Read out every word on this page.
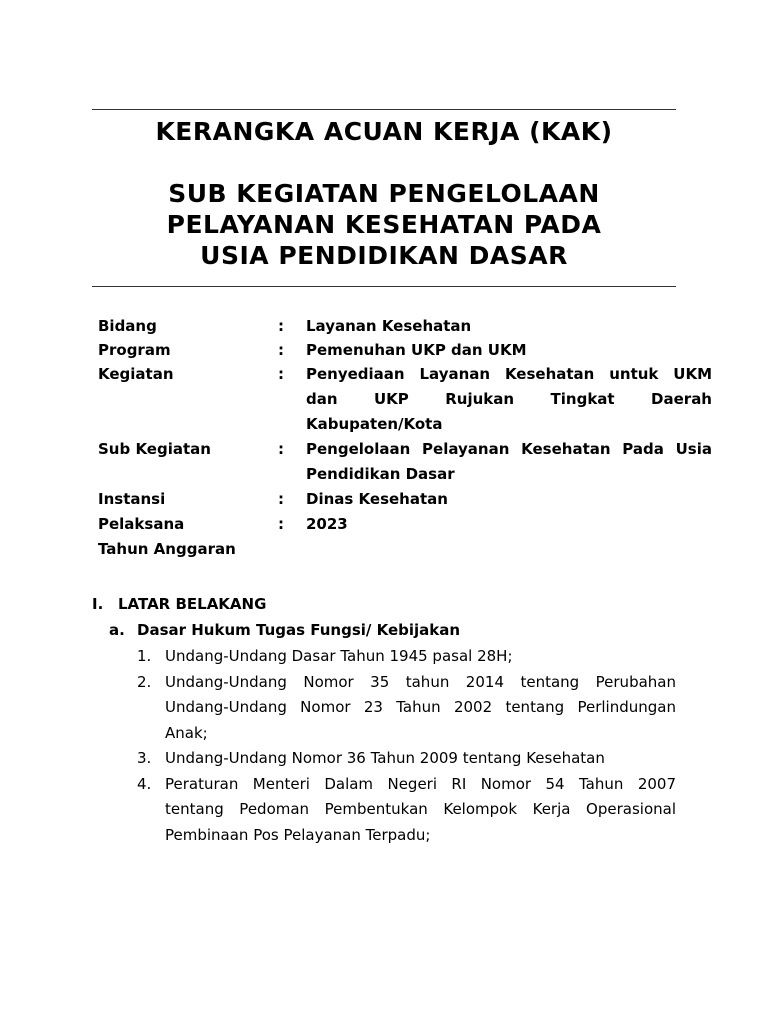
KERANGKA ACUAN KERJA (KAK)
SUB KEGIATAN PENGELOLAAN
PELAYANAN KESEHATAN PADA
USIA PENDIDIKAN DASAR
Bidang	:	Layanan Kesehatan
Program	:	Pemenuhan UKP dan UKM
Kegiatan	:	Penyediaan Layanan Kesehatan untuk UKM
dan UKP Rujukan Tingkat Daerah
Kabupaten/Kota
Sub Kegiatan	:	Pengelolaan Pelayanan Kesehatan Pada Usia
Pendidikan Dasar
Instansi	:	Dinas Kesehatan
Pelaksana	:	2023
Tahun Anggaran
I. LATAR BELAKANG
a. Dasar Hukum Tugas Fungsi/ Kebijakan
1. Undang-Undang Dasar Tahun 1945 pasal 28H;
2. Undang-Undang Nomor 35 tahun 2014 tentang Perubahan
Undang-Undang Nomor 23 Tahun 2002 tentang Perlindungan
Anak;
3. Undang-Undang Nomor 36 Tahun 2009 tentang Kesehatan
4. Peraturan Menteri Dalam Negeri RI Nomor 54 Tahun 2007
tentang Pedoman Pembentukan Kelompok Kerja Operasional
Pembinaan Pos Pelayanan Terpadu;
